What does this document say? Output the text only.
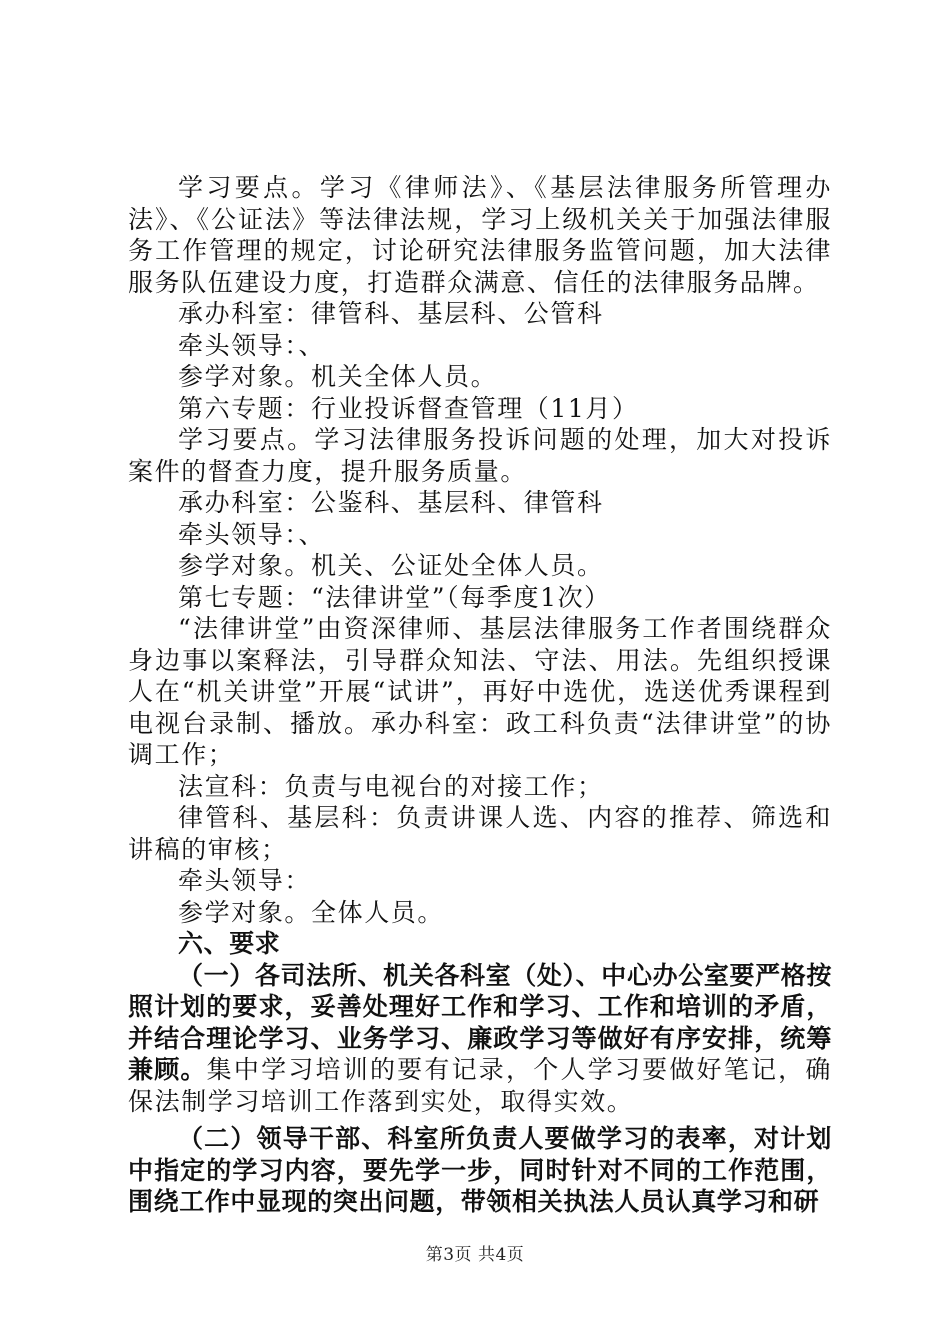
学习要点。学习《律师法》、《基层法律服务所管理办法》、《公证法》等法律法规，学习上级机关关于加强法律服务工作管理的规定，讨论研究法律服务监管问题，加大法律服务队伍建设力度，打造群众满意、信任的法律服务品牌。

承办科室：律管科、基层科、公管科

牵头领导：、

参学对象。机关全体人员。

第六专题：行业投诉督查管理（11月）

学习要点。学习法律服务投诉问题的处理，加大对投诉案件的督查力度，提升服务质量。

承办科室：公鉴科、基层科、律管科

牵头领导：、

参学对象。机关、公证处全体人员。

第七专题：“法律讲堂”（每季度1次）

“法律讲堂”由资深律师、基层法律服务工作者围绕群众身边事以案释法，引导群众知法、守法、用法。先组织授课人在“机关讲堂”开展“试讲”，再好中选优，选送优秀课程到电视台录制、播放。承办科室：政工科负责“法律讲堂”的协调工作；

法宣科：负责与电视台的对接工作；

律管科、基层科：负责讲课人选、内容的推荐、筛选和讲稿的审核；

牵头领导：

参学对象。全体人员。

六、要求

（一）各司法所、机关各科室（处）、中心办公室要严格按照计划的要求，妥善处理好工作和学习、工作和培训的矛盾，并结合理论学习、业务学习、廉政学习等做好有序安排，统筹兼顾。集中学习培训的要有记录，个人学习要做好笔记，确保法制学习培训工作落到实处，取得实效。

（二）领导干部、科室所负责人要做学习的表率，对计划中指定的学习内容，要先学一步，同时针对不同的工作范围，围绕工作中显现的突出问题，带领相关执法人员认真学习和研

第3页 共4页
